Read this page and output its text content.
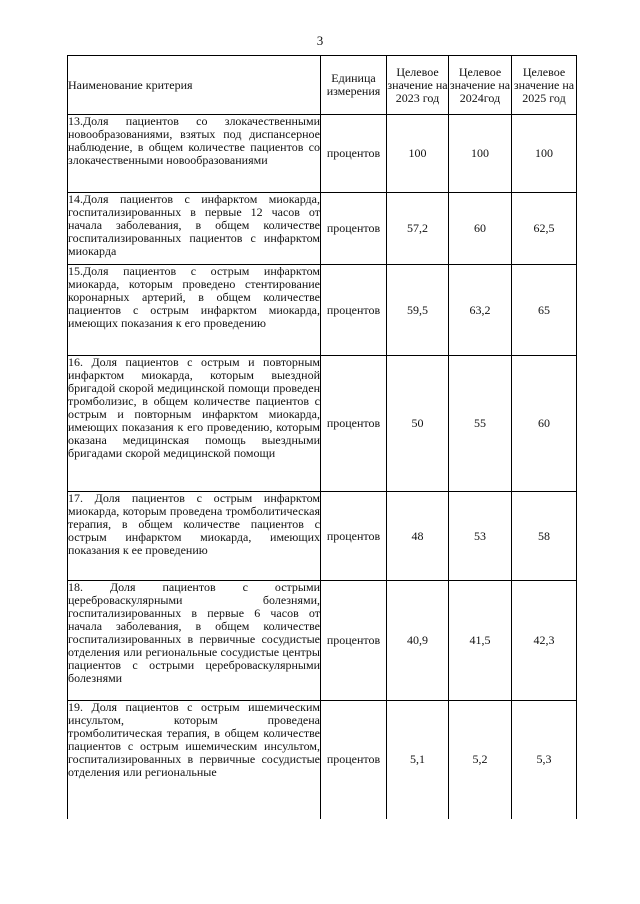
3
Наименование критерия	Единица измерения	Целевое значение на 2023 год	Целевое значение на 2024год	Целевое значение на 2025 год
13.Доля пациентов со злокачественными новообразованиями, взятых под диспансерное наблюдение, в общем количестве пациентов со злокачественными новообразованиями	процентов	100	100	100
14.Доля пациентов с инфарктом миокарда, госпитализированных в первые 12 часов от начала заболевания, в общем количестве госпитализированных пациентов с инфарктом миокарда	процентов	57,2	60	62,5
15.Доля пациентов с острым инфарктом миокарда, которым проведено стентирование коронарных артерий, в общем количестве пациентов с острым инфарктом миокарда, имеющих показания к его проведению	процентов	59,5	63,2	65
16. Доля пациентов с острым и повторным инфарктом миокарда, которым выездной бригадой скорой медицинской помощи проведен тромболизис, в общем количестве пациентов с острым и повторным инфарктом миокарда, имеющих показания к его проведению, которым оказана медицинская помощь выездными бригадами скорой медицинской помощи	процентов	50	55	60
17. Доля пациентов с острым инфарктом миокарда, которым проведена тромболитическая терапия, в общем количестве пациентов с острым инфарктом миокарда, имеющих показания к ее проведению	процентов	48	53	58
18. Доля пациентов с острыми цереброваскулярными болезнями, госпитализированных в первые 6 часов от начала заболевания, в общем количестве госпитализированных в первичные сосудистые отделения или региональные сосудистые центры пациентов с острыми цереброваскулярными болезнями	процентов	40,9	41,5	42,3
19. Доля пациентов с острым ишемическим инсультом, которым проведена тромболитическая терапия, в общем количестве пациентов с острым ишемическим инсультом, госпитализированных в первичные сосудистые отделения или региональные	процентов	5,1	5,2	5,3
